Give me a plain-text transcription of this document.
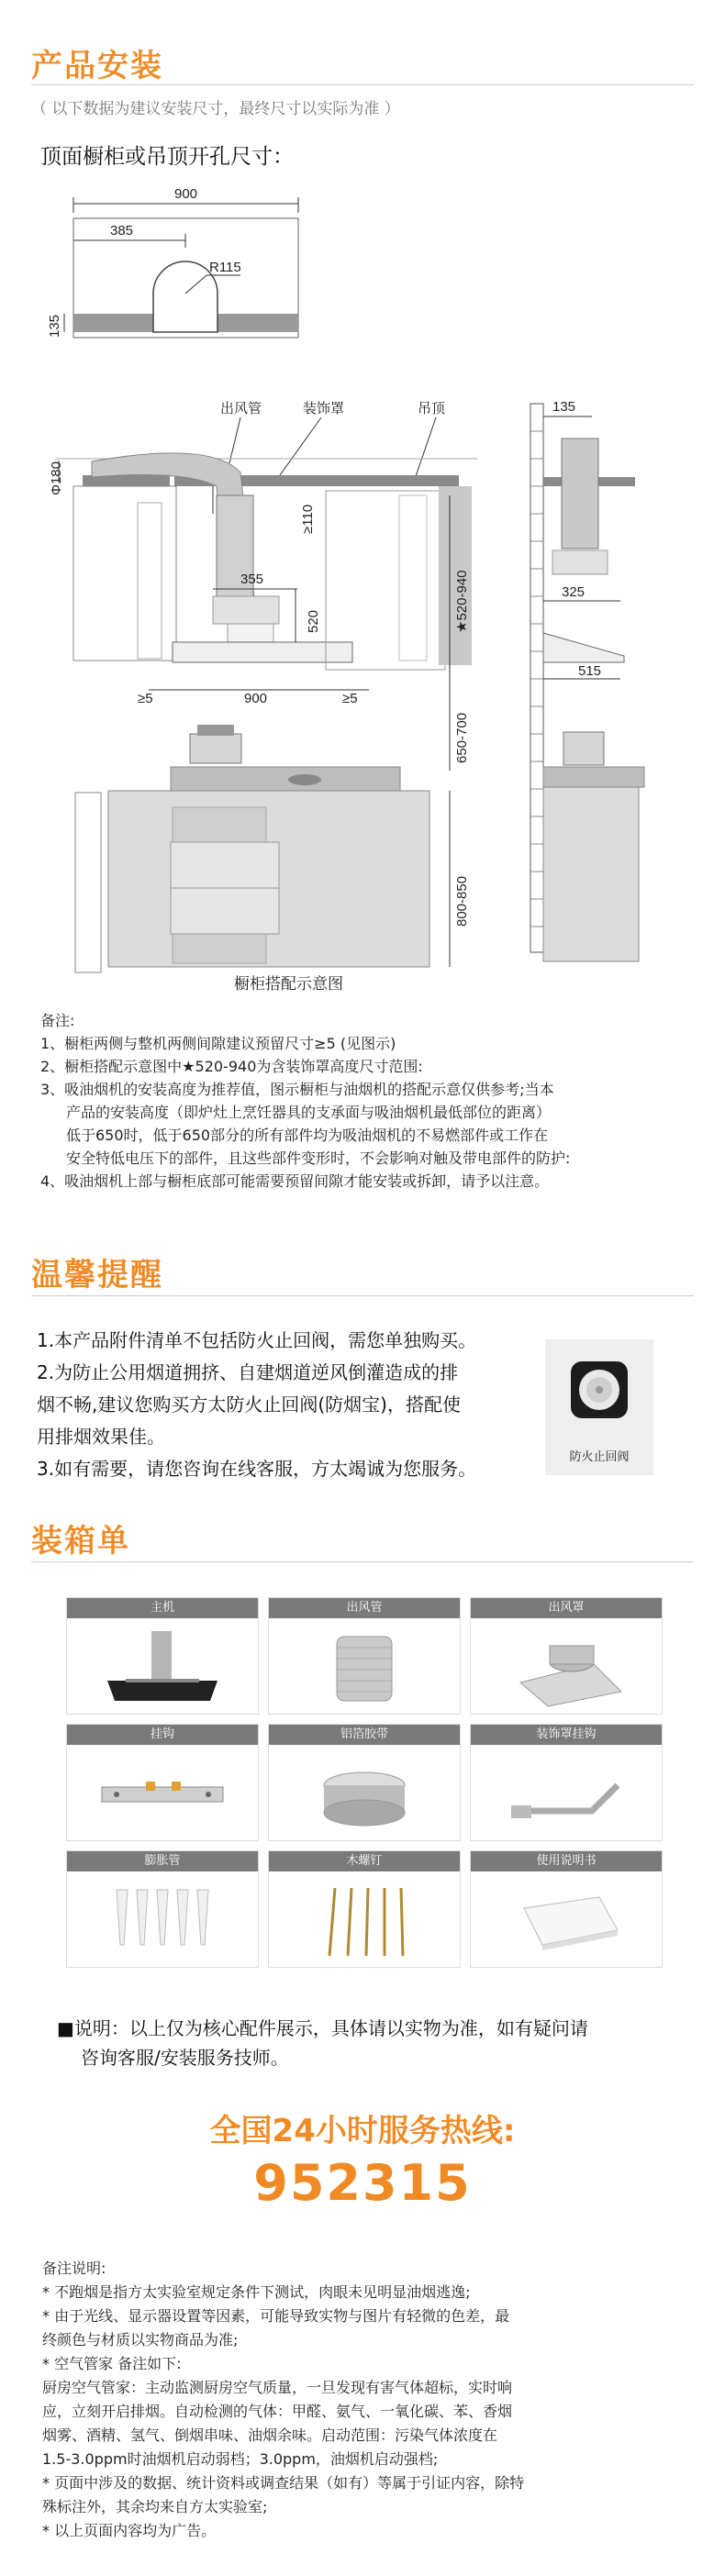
产品安装
（ 以下数据为建议安装尺寸，最终尺寸以实际为准 ）
顶面橱柜或吊顶开孔尺寸：
900
385
R115
135
出风管	装饰罩	吊顶
≥110
355
520	★520-940
900
≥5	≥5
650-700
800-850
Φ180
135
325
515
橱柜搭配示意图

备注:

1、橱柜两侧与整机两侧间隙建议预留尺寸≥5 (见图示)

2、橱柜搭配示意图中★520-940为含装饰罩高度尺寸范围:

3、吸油烟机的安装高度为推荐值，图示橱柜与油烟机的搭配示意仅供参考;当本

产品的安装高度（即炉灶上烹饪器具的支承面与吸油烟机最低部位的距离）

低于650时，低于650部分的所有部件均为吸油烟机的不易燃部件或工作在

安全特低电压下的部件，且这些部件变形时，不会影响对触及带电部件的防护:

4、吸油烟机上部与橱柜底部可能需要预留间隙才能安装或拆卸，请予以注意。

温馨提醒

1.本产品附件清单不包括防火止回阀，需您单独购买。

2.为防止公用烟道拥挤、自建烟道逆风倒灌造成的排

烟不畅,建议您购买方太防火止回阀(防烟宝)，搭配使

用排烟效果佳。

3.如有需要，请您咨询在线客服，方太竭诚为您服务。

防火止回阀
装箱单
主机	出风管	出风罩
挂钩	铝箔胶带	装饰罩挂钩
膨胀管	木螺钉	使用说明书

■说明：以上仅为核心配件展示，具体请以实物为准，如有疑问请

咨询客服/安装服务技师。

全国24小时服务热线:
952315

备注说明:

* 不跑烟是指方太实验室规定条件下测试，肉眼未见明显油烟逃逸;

* 由于光线、显示器设置等因素，可能导致实物与图片有轻微的色差，最

终颜色与材质以实物商品为准;

* 空气管家 备注如下:

厨房空气管家：主动监测厨房空气质量，一旦发现有害气体超标，实时响

应，立刻开启排烟。自动检测的气体：甲醛、氨气、一氧化碳、苯、香烟

烟雾、酒精、氢气、倒烟串味、油烟余味。启动范围：污染气体浓度在

1.5-3.0ppm时油烟机启动弱档；3.0ppm，油烟机启动强档;

* 页面中涉及的数据、统计资料或调查结果（如有）等属于引证内容，除特

殊标注外，其余均来自方太实验室;

* 以上页面内容均为广告。
